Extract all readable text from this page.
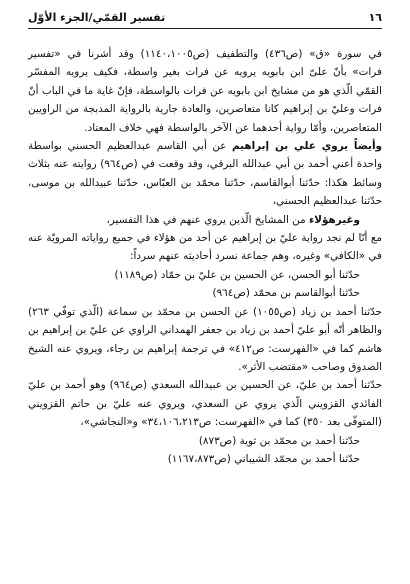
١٦
تفسير القمّي/الجزء الأوّل

في سورة «ق» (ص٤٣٦) والتطفيف (ص١١٤٠،١٠٠٥) وقد أشرنا في «تفسير فرات» بأنّ علىّ ابن بابويه يرويه عن فرات بغير واسطة، فكيف يرويه المفسّر القمّي الّذي هو من مشايخ ابن بابويه عن فرات بالواسطة، فإنّ غاية ما في الباب أنّ فرات وعليّ بن إبراهيم كانا متعاصرين، والعادة جارية بالرواية المدبجة من الراويين المتعاصرين، وأمّا رواية أحدهما عن الآخر بالواسطة فهي خلاف المعتاد.

وأيضاً يروي علي بن إبراهيم عن أبي القاسم عبدالعظيم الحسني بواسطة واحدة أعني أحمد بن أبي عبدالله البرقي، وقد وقعت في (ص٩٦٤) روايته عنه بثلاث وسائط هكذا: حدّثنا أبوالقاسم، حدّثنا محمّد بن العبّاس، حدّثنا عبيدالله بن موسى، حدّثنا عبدالعظيم الحسني،

وغيرهؤلاء من المشايخ الّذين يروي عنهم في هذا التفسير،

مع أنّا لم نجد رواية عليّ بن إبراهيم عن أحد من هؤلاء في جميع رواياته المرويّة عنه في «الكافي» وغيره، وهم جماعة نسرد أحاديثه عنهم سرداً:

حدّثنا أبو الحسن، عن الحسين بن عليّ بن حمّاد (ص١١٨٩)

حدّثنا أبوالقاسم بن محمّد (ص٩٦٤)

حدّثنا أحمد بن زياد (ص١٠٥٥) عن الحسن بن محمّد بن سماعة (الّذي توفّي ٢٦٣) والظاهر أنّه أبو عليّ أحمد بن زياد بن جعفر الهمداني الراوي عن عليّ بن إبراهيم بن هاشم كما في «الفهرست: ص٤١٢» في ترجمة إبراهيم بن رجاء، ويروي عنه الشيخ الصدوق وصاحب «مقتضب الأثر».

حدّثنا أحمد بن عليّ، عن الحسين بن عبيدالله السعدي (ص٩٦٤) وهو أحمد بن عليّ الفائدي القزويني الّذي يروي عن السعدي، ويروي عنه عليّ بن حاتم القزويني (المتوفّى بعد ٣٥٠) كما في «الفهرست: ص٣٤،١٠٦،٢١٣» و«النجاشي»،

حدّثنا أحمد بن محمّد بن ثوية (ص٨٧٣)

حدّثنا أحمد بن محمّد الشيباني (ص١١٦٧،٨٧٣)
